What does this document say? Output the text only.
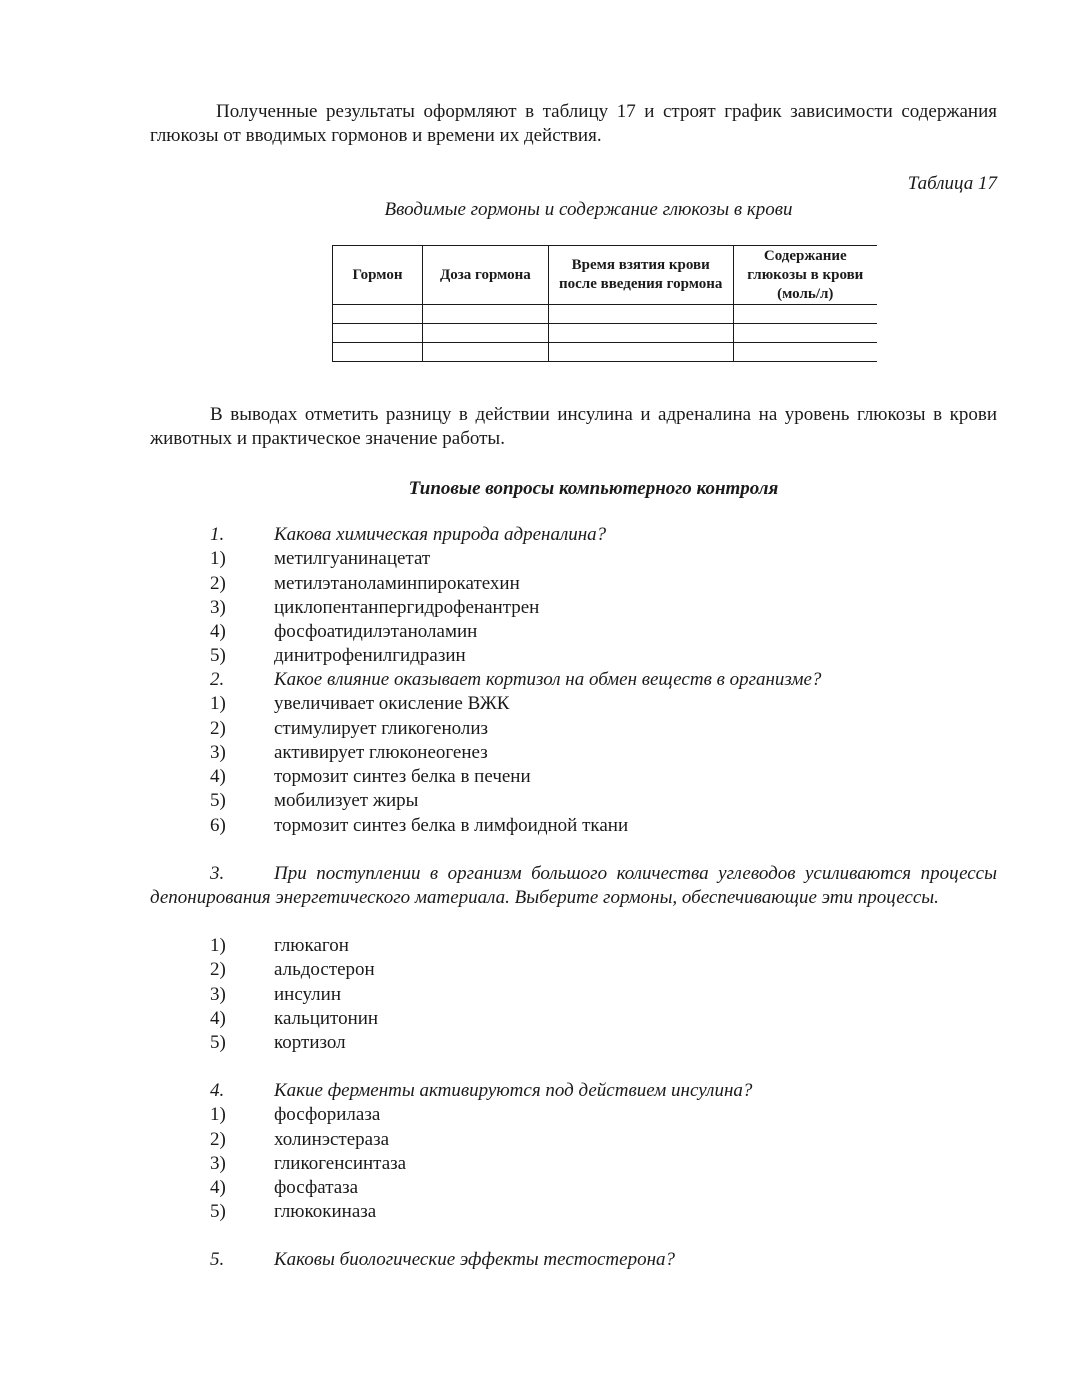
Полученные результаты оформляют в таблицу 17 и строят график зависимости содержания глюкозы от вводимых гормонов и времени их действия.
Таблица 17
Вводимые гормоны и содержание глюкозы в крови
Гормон	Доза гормона	Время взятия крови после введения гормона	Содержание глюкозы в крови (моль/л)

В выводах отметить разницу в действии инсулина и адреналина на уровень глюкозы в крови животных и практическое значение работы.
Типовые вопросы компьютерного контроля
1.	Какова химическая природа адреналина?
1)	метилгуанинацетат
2)	метилэтаноламинпирокатехин
3)	циклопентанпергидрофенантрен
4)	фосфоатидилэтаноламин
5)	динитрофенилгидразин
2.	Какое влияние оказывает кортизол на обмен веществ в организме?
1)	увеличивает окисление ВЖК
2)	стимулирует гликогенолиз
3)	активирует глюконеогенез
4)	тормозит синтез белка в печени
5)	мобилизует жиры
6)	тормозит синтез белка в лимфоидной ткани
3.	При поступлении в организм большого количества углеводов усиливаются процессы депонирования энергетического материала. Выберите гормоны, обеспечивающие эти процессы.
1)	глюкагон
2)	альдостерон
3)	инсулин
4)	кальцитонин
5)	кортизол
4.	Какие ферменты активируются под действием инсулина?
1)	фосфорилаза
2)	холинэстераза
3)	гликогенсинтаза
4)	фосфатаза
5)	глюкокиназа
5.	Каковы биологические эффекты тестостерона?
